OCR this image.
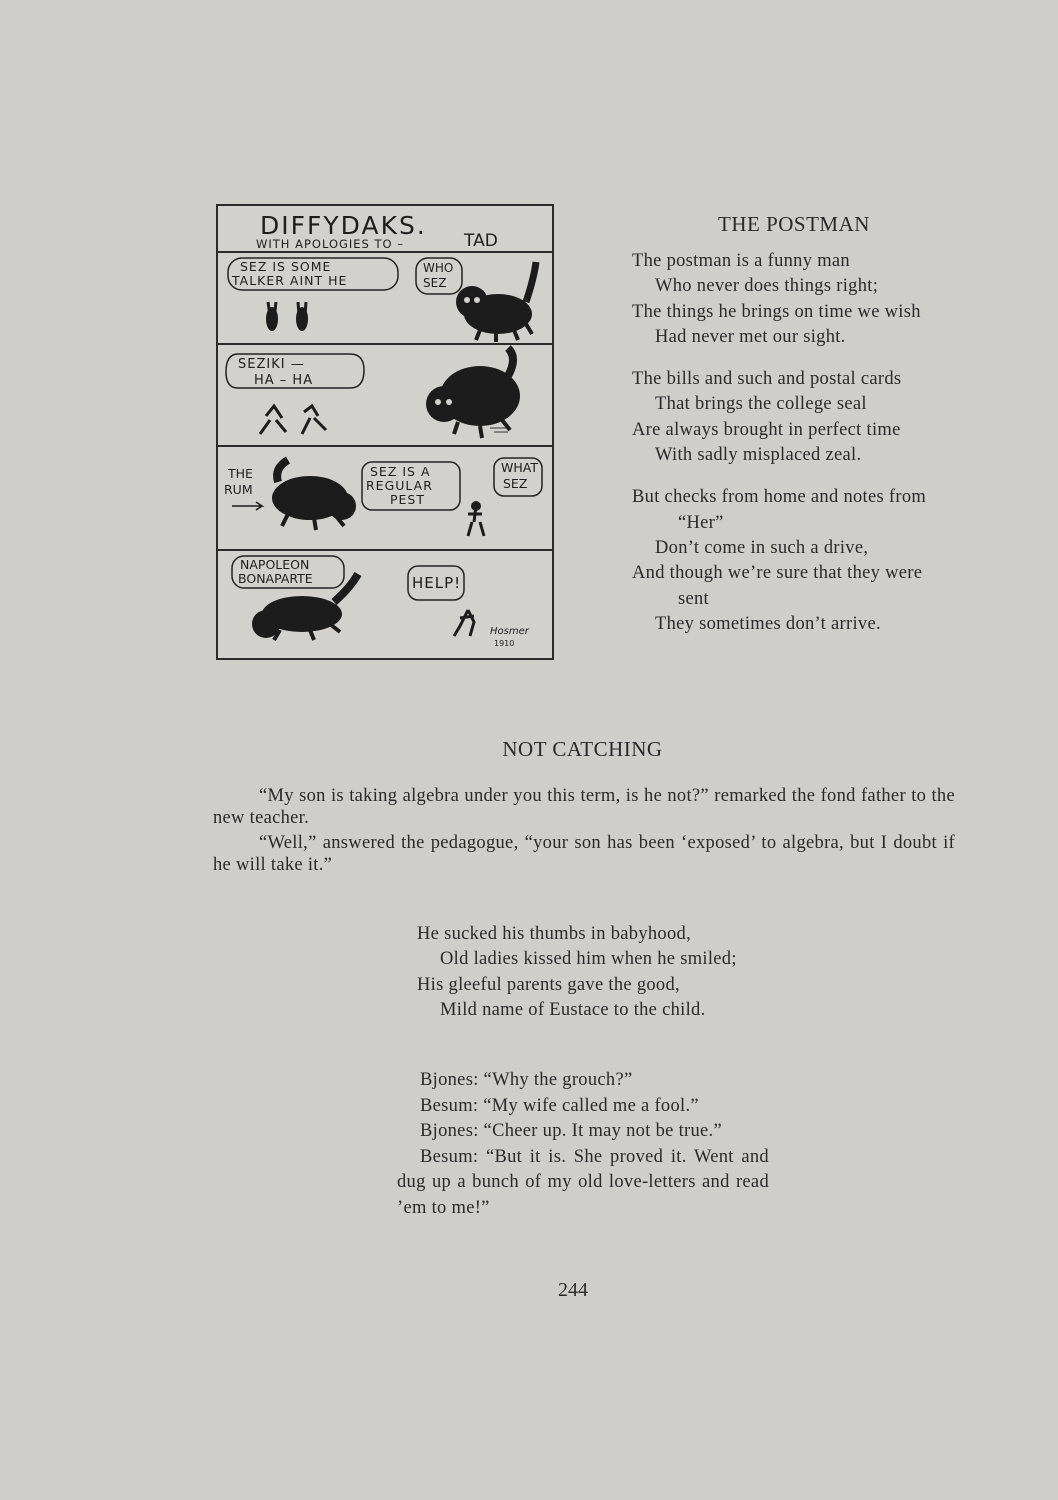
DIFFYDAKS.
WITH APOLOGIES TO –	TAD
SEZ IS SOME
TALKER AINT HE
WHO
SEZ
SEZIKI —
HA – HA
THE
RUM
SEZ IS A
REGULAR
PEST
WHAT
SEZ
NAPOLEON
BONAPARTE	HELP!
Hosmer
1910
THE POSTMAN
The postman is a funny man
Who never does things right;
The things he brings on time we wish
Had never met our sight.
The bills and such and postal cards
That brings the college seal
Are always brought in perfect time
With sadly misplaced zeal.
But checks from home and notes from
“Her”
Don’t come in such a drive,
And though we’re sure that they were
sent
They sometimes don’t arrive.
NOT CATCHING

“My son is taking algebra under you this term, is he not?” remarked the fond father to the new teacher.

“Well,” answered the pedagogue, “your son has been ‘exposed’ to algebra, but I doubt if he will take it.”

He sucked his thumbs in babyhood,
Old ladies kissed him when he smiled;
His gleeful parents gave the good,
Mild name of Eustace to the child.
Bjones: “Why the grouch?”
Besum: “My wife called me a fool.”
Bjones: “Cheer up. It may not be true.”
Besum: “But it is. She proved it. Went and dug up a bunch of my old love-letters and read ’em to me!”
244
